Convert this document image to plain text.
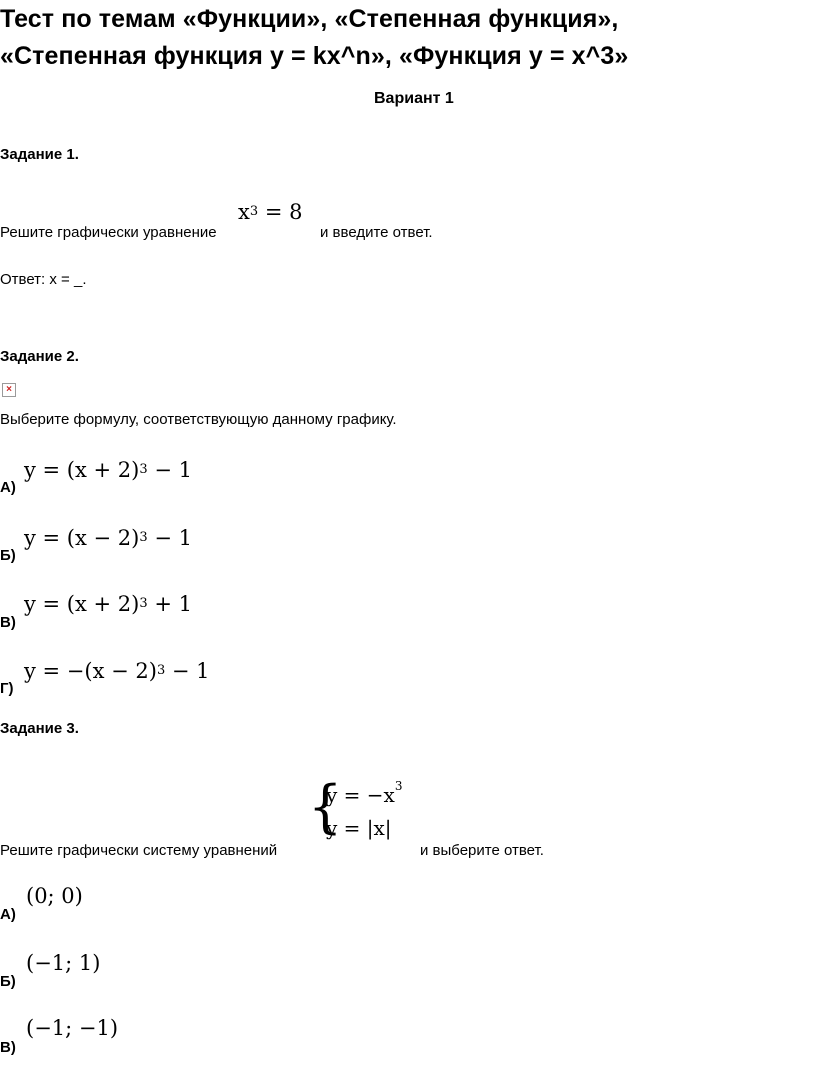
Тест по темам «Функции», «Степенная функция»,
«Степенная функция y = kx^n», «Функция y = x^3»
Вариант 1
Задание 1.
Решите графически уравнение
$x^3 = 8$
и введите ответ.
Ответ: x = _.
Задание 2.
×
Выберите формулу, соответствующую данному графику.
А)
$y = (x + 2)^3 - 1$
Б)
$y = (x - 2)^3 - 1$
В)
$y = (x + 2)^3 + 1$
Г)
$y = -(x - 2)^3 - 1$
Задание 3.
Решите графически систему уравнений
{
$y = -x^3$
y = |x|
и выберите ответ.
А)
(0; 0)
Б)
(−1; 1)
В)
(−1; −1)
